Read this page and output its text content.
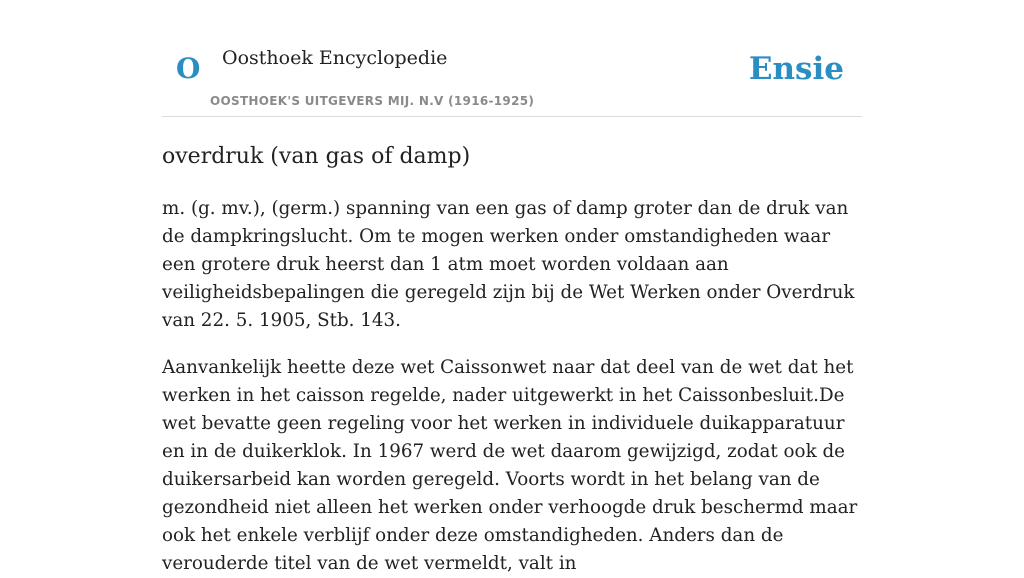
O Oosthoek Encyclopedie
OOSTHOEK'S UITGEVERS MIJ. N.V (1916-1925)
Ensie
overdruk (van gas of damp)

m. (g. mv.), (germ.) spanning van een gas of damp groter dan de druk van de dampkringslucht. Om te mogen werken onder omstandigheden waar een grotere druk heerst dan 1 atm moet worden voldaan aan veiligheidsbepalingen die geregeld zijn bij de Wet Werken onder Overdruk van 22. 5. 1905, Stb. 143.

Aanvankelijk heette deze wet Caissonwet naar dat deel van de wet dat het werken in het caisson regelde, nader uitgewerkt in het Caissonbesluit.De wet bevatte geen regeling voor het werken in individuele duikapparatuur en in de duikerklok. In 1967 werd de wet daarom gewijzigd, zodat ook de duikersarbeid kan worden geregeld. Voorts wordt in het belang van de gezondheid niet alleen het werken onder verhoogde druk beschermd maar ook het enkele verblijf onder deze omstandigheden. Anders dan de verouderde titel van de wet vermeldt, valt in
